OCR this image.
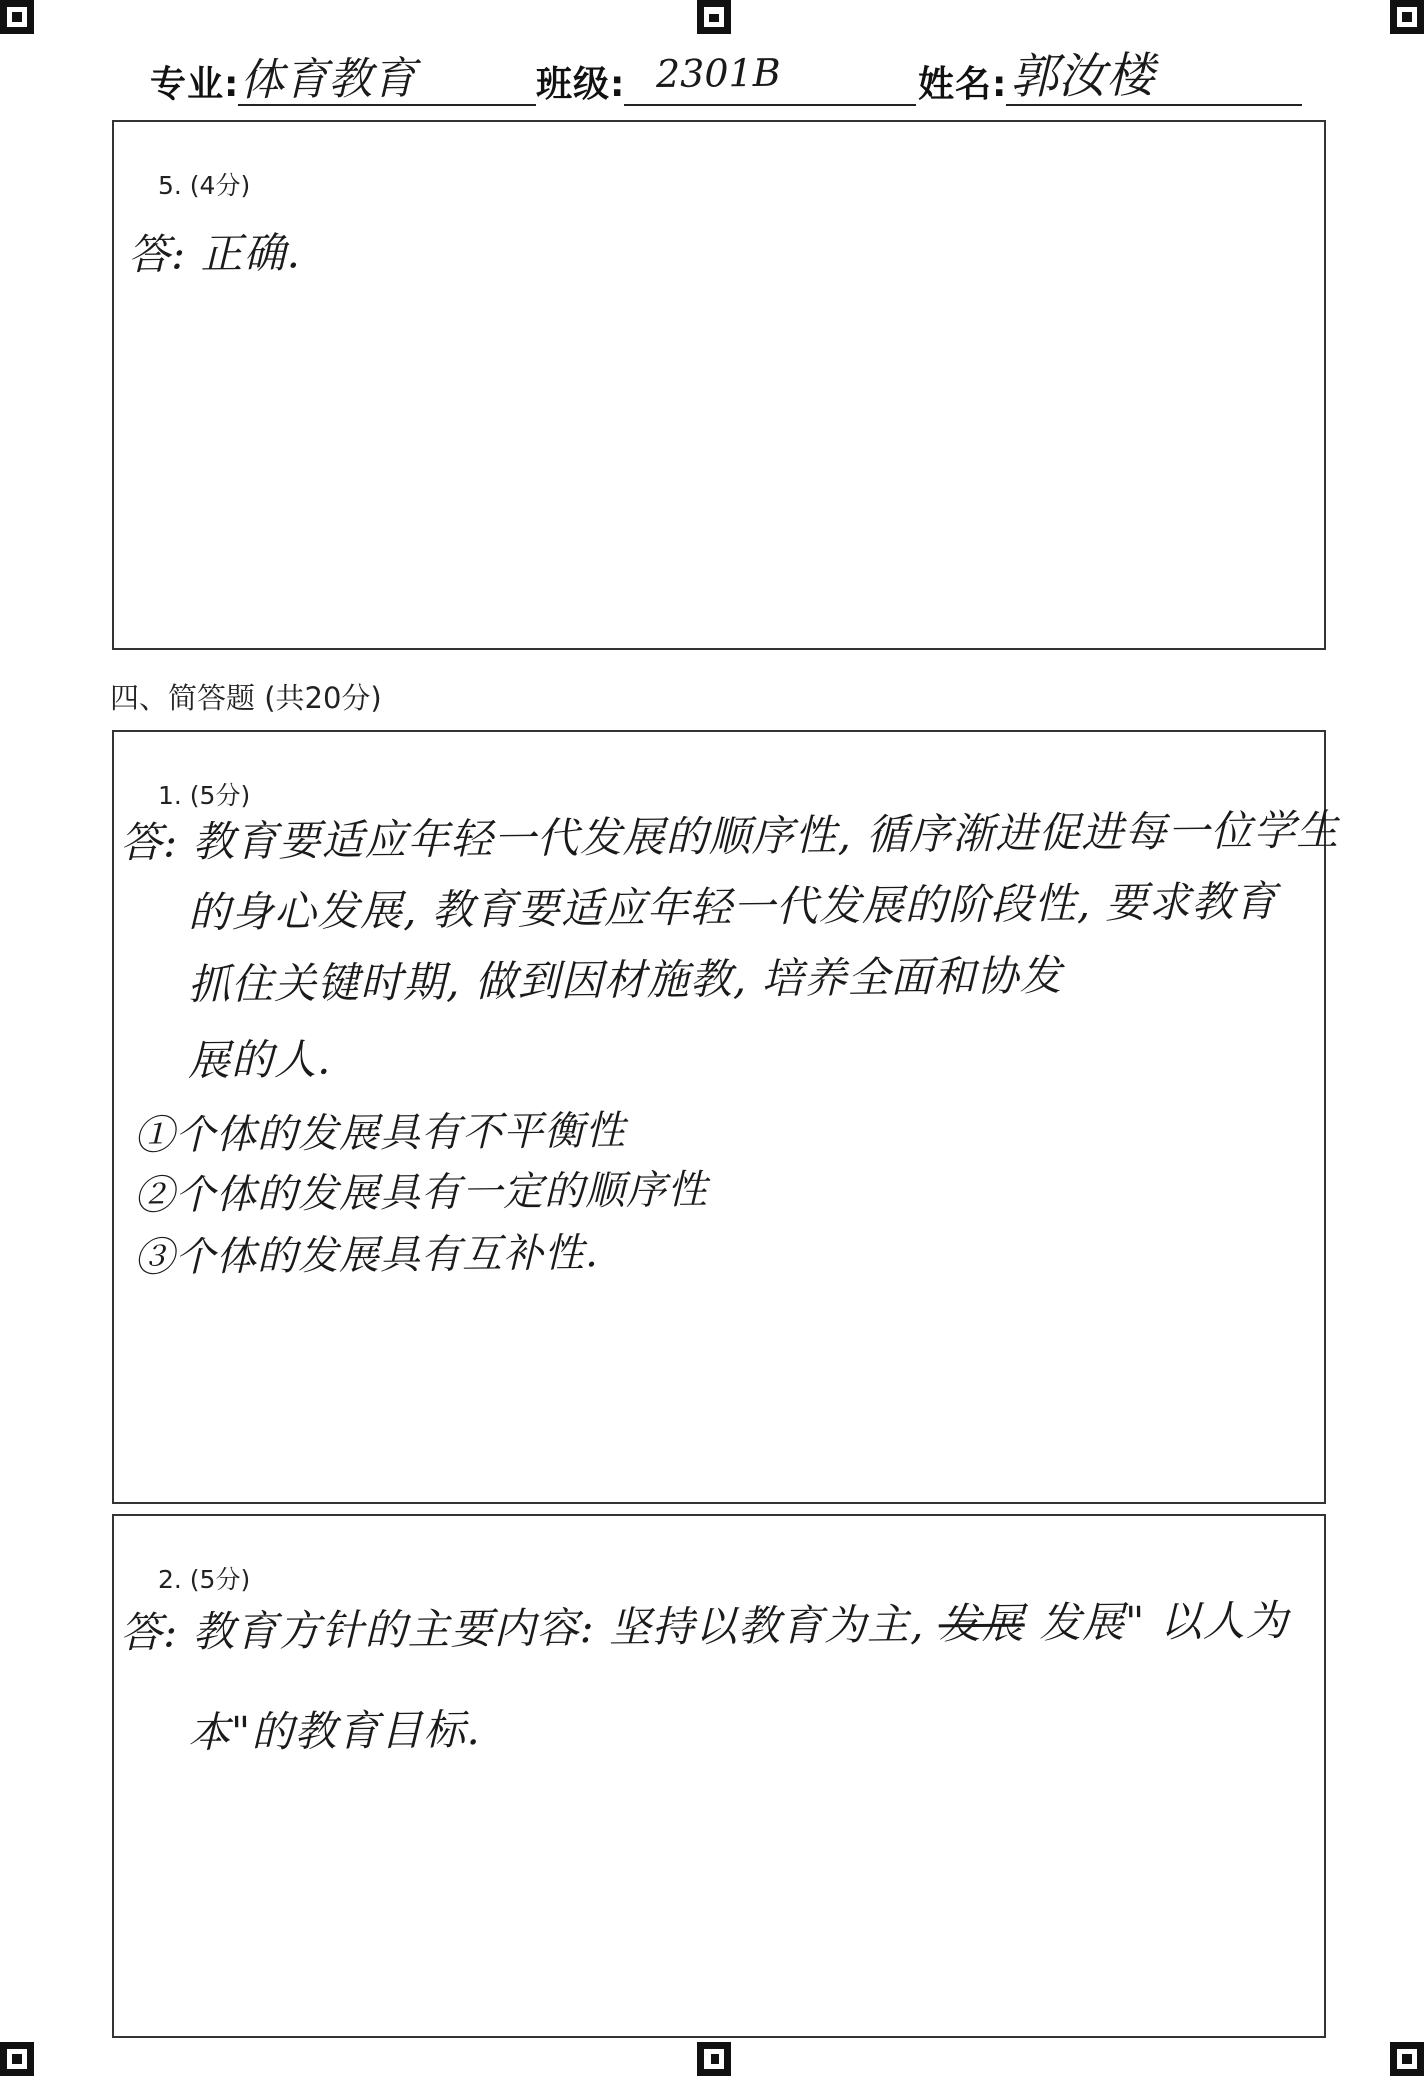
专业: 体育教育	班级: 2301B	姓名: 郭汝楼
5. (4分)
答: 正确.
四、简答题 (共20分)
1. (5分)
答: 教育要适应年轻一代发展的顺序性, 循序渐进促进每一位学生
的身心发展, 教育要适应年轻一代发展的阶段性, 要求教育
抓住关键时期, 做到因材施教, 培养全面和协发
展的人.
①个体的发展具有不平衡性
②个体的发展具有一定的顺序性
③个体的发展具有互补性.
2. (5分)
答: 教育方针的主要内容: 坚持以教育为主, 发展 发展" 以人为
本"的教育目标.
